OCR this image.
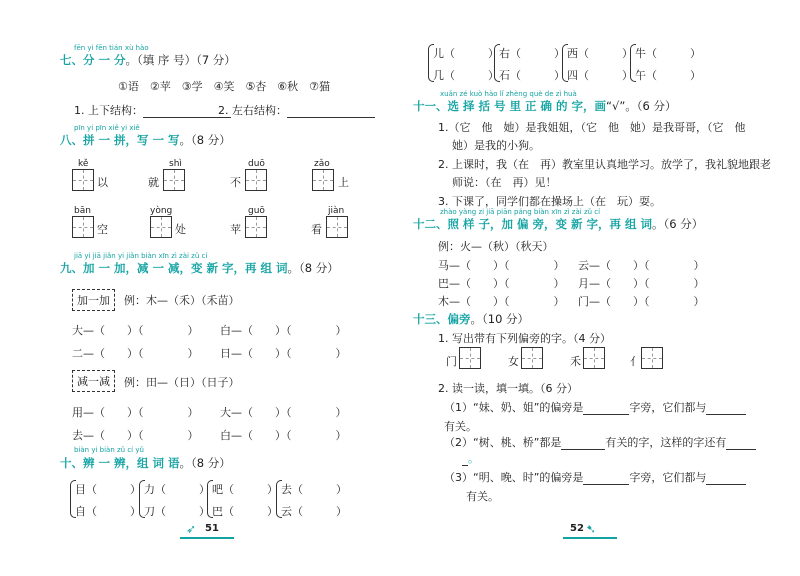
fēn yi fēn tián xù hào
七、分 一 分。（填 序 号）（7 分）
①语　②苹　③学　④笑　⑤杏　⑥秋　⑦猫
1. 上下结构：	2. 左右结构：
pīn yi pīn xiě yi xiě
八、拼 一 拼，写 一 写。（8 分）
kě
以
shì
就
duō
不
zǎo
上
bān
空
yòng
处
guō
苹
jiàn
看
jiā yi jiā jiǎn yi jiǎn biàn xīn zì zài zǔ cí
九、加 一 加，减 一 减，变 新 字，再 组 词。（8 分）
加一加	例：木—（禾）（禾苗）
大—（　　）（　　　　） 白—（　　）（　　　　）
二—（　　）（　　　　） 日—（　　）（　　　　）
减一减	例：田—（日）（日子）
用—（　　）（　　　　） 大—（　　）（　　　　）
去—（　　）（　　　　） 白—（　　）（　　　　）
biàn yi biàn zǔ cí yǔ
十、辨 一 辨，组 词 语。（8 分）
目（　　　）
自（　　　）
力（　　　）
刀（　　　）
吧（　　　）
巴（　　　）
去（　　　）
云（　　　）
➶ 51
儿（　　　）
几（　　　）
右（　　　）
石（　　　）
西（　　　）
四（　　　）
牛（　　　）
午（　　　）
xuǎn zé kuò hào lǐ zhèng què de zì huà
十一、选 择 括 号 里 正 确 的 字，画“√”。（6 分）
1.（它　他　她）是我姐姐，（它　他　她）是我哥哥，（它　他
她）是我的小狗。
2. 上课时，我（在　再）教室里认真地学习。放学了，我礼貌地跟老
师说：（在　再）见！
3. 下课了，同学们都在操场上（在　玩）耍。
zhào yàng zi jiā piān páng biàn xīn zì zài zǔ cí
十二、照 样 子，加 偏 旁，变 新 字，再 组 词。（6 分）
例：火—（秋）（秋天）
马—（　　）（　　　　） 云—（　　）（　　　　）
巴—（　　）（　　　　） 月—（　　）（　　　　）
木—（　　）（　　　　） 门—（　　）（　　　　）
十三、偏旁。（10 分）
1. 写出带有下列偏旁的字。（4 分）
门	女	禾	亻
2. 读一读，填一填。（6 分）
（1）“妹、奶、姐”的偏旁是	字旁，它们都与
有关。
（2）“树、桃、桥”都是	有关的字，这样的字还有
。
（3）“明、晚、时”的偏旁是	字旁，它们都与
有关。
52 ➷
